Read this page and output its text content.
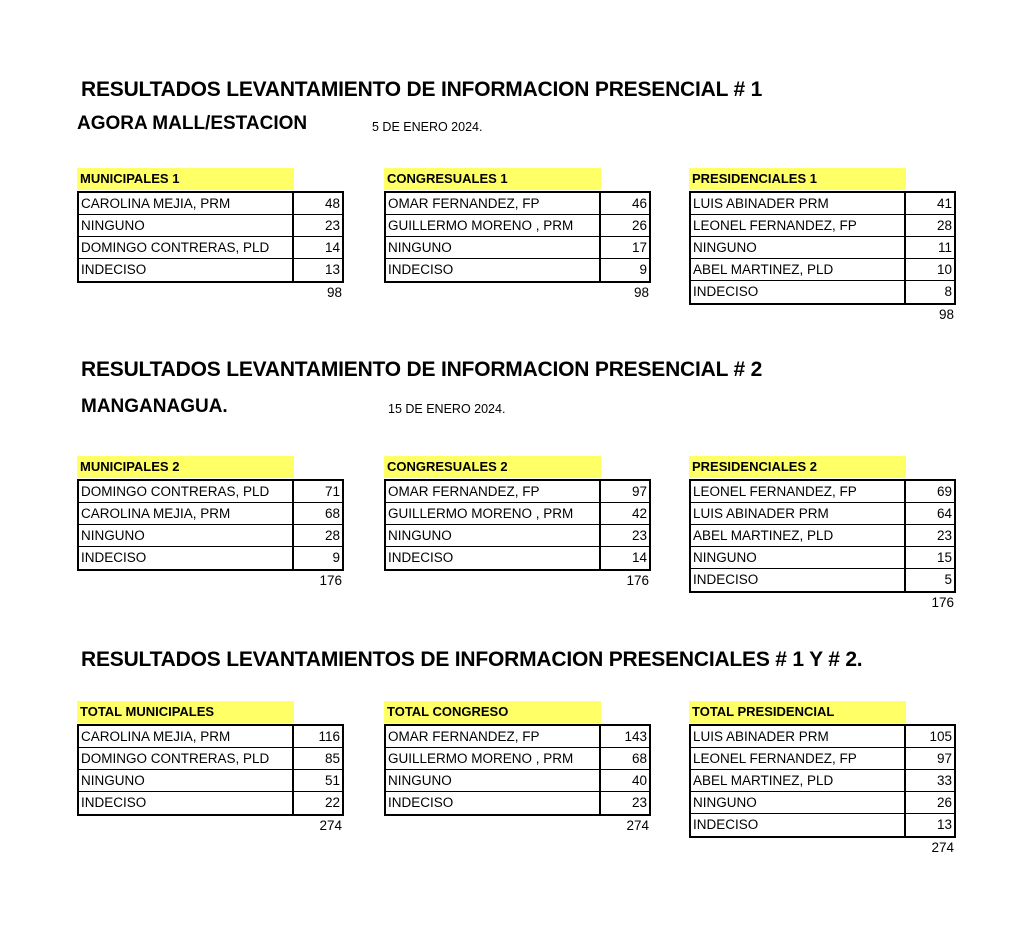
RESULTADOS LEVANTAMIENTO DE INFORMACION PRESENCIAL # 1
AGORA MALL/ESTACION	5 DE ENERO 2024.
MUNICIPALES 1
CAROLINA MEJIA, PRM	48
NINGUNO	23
DOMINGO CONTRERAS, PLD	14
INDECISO	13
98
CONGRESUALES 1
OMAR FERNANDEZ, FP	46
GUILLERMO MORENO , PRM	26
NINGUNO	17
INDECISO	9
98
PRESIDENCIALES 1
LUIS ABINADER PRM	41
LEONEL FERNANDEZ, FP	28
NINGUNO	11
ABEL MARTINEZ, PLD	10
INDECISO	8
98
RESULTADOS LEVANTAMIENTO DE INFORMACION PRESENCIAL # 2
MANGANAGUA.	15 DE ENERO 2024.
MUNICIPALES 2
DOMINGO CONTRERAS, PLD	71
CAROLINA MEJIA, PRM	68
NINGUNO	28
INDECISO	9
176
CONGRESUALES 2
OMAR FERNANDEZ, FP	97
GUILLERMO MORENO , PRM	42
NINGUNO	23
INDECISO	14
176
PRESIDENCIALES 2
LEONEL FERNANDEZ, FP	69
LUIS ABINADER PRM	64
ABEL MARTINEZ, PLD	23
NINGUNO	15
INDECISO	5
176
RESULTADOS LEVANTAMIENTOS DE INFORMACION PRESENCIALES # 1 Y # 2.
TOTAL MUNICIPALES
CAROLINA MEJIA, PRM	116
DOMINGO CONTRERAS, PLD	85
NINGUNO	51
INDECISO	22
274
TOTAL CONGRESO
OMAR FERNANDEZ, FP	143
GUILLERMO MORENO , PRM	68
NINGUNO	40
INDECISO	23
274
TOTAL PRESIDENCIAL
LUIS ABINADER PRM	105
LEONEL FERNANDEZ, FP	97
ABEL MARTINEZ, PLD	33
NINGUNO	26
INDECISO	13
274
